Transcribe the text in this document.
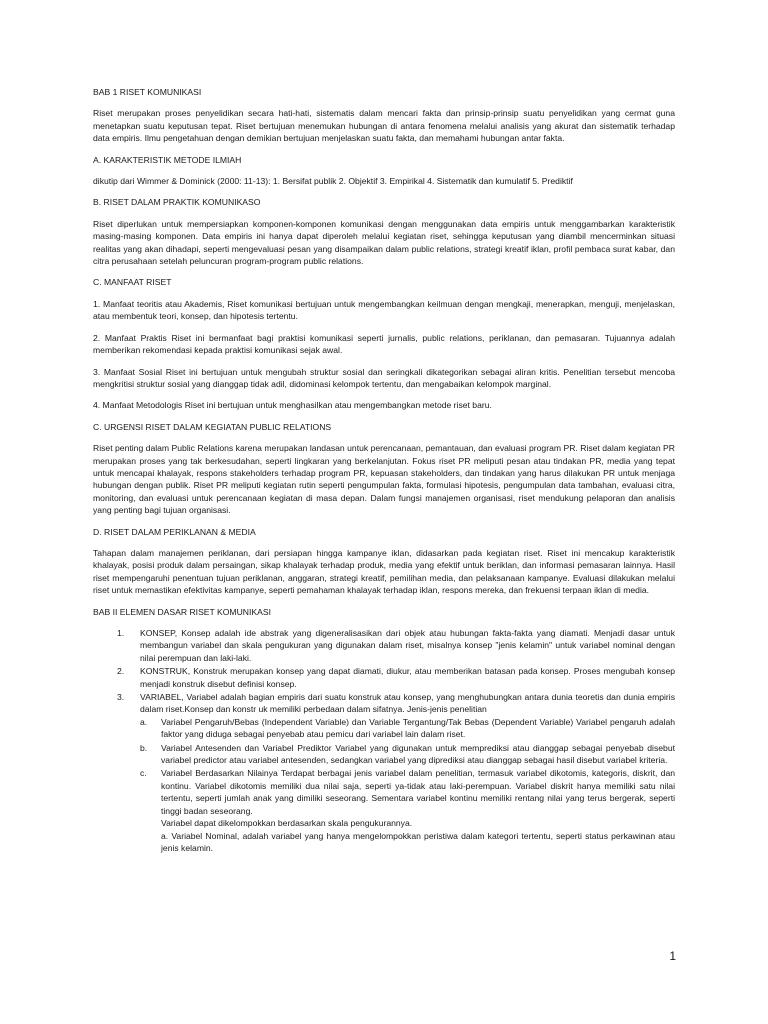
BAB 1 RISET KOMUNIKASI

Riset merupakan proses penyelidikan secara hati-hati, sistematis dalam mencari fakta dan prinsip-prinsip suatu penyelidikan yang cermat guna menetapkan suatu keputusan tepat. Riset bertujuan menemukan hubungan di antara fenomena melalui analisis yang akurat dan sistematik terhadap data empiris. Ilmu pengetahuan dengan demikian bertujuan menjelaskan suatu fakta, dan memahami hubungan antar fakta.

A. KARAKTERISTIK METODE ILMIAH

dikutip dari Wimmer & Dominick (2000: 11-13): 1. Bersifat publik 2. Objektif 3. Empirikal 4. Sistematik dan kumulatif 5. Prediktif

B. RISET DALAM PRAKTIK KOMUNIKASO

Riset diperlukan untuk mempersiapkan komponen-komponen komunikasi dengan menggunakan data empiris untuk menggambarkan karakteristik masing-masing komponen. Data empiris ini hanya dapat diperoleh melalui kegiatan riset, sehingga keputusan yang diambil mencerminkan situasi realitas yang akan dihadapi, seperti mengevaluasi pesan yang disampaikan dalam public relations, strategi kreatif iklan, profil pembaca surat kabar, dan citra perusahaan setelah peluncuran program-program public relations.

C. MANFAAT RISET

1. Manfaat teoritis atau Akademis, Riset komunikasi bertujuan untuk mengembangkan keilmuan dengan mengkaji, menerapkan, menguji, menjelaskan, atau membentuk teori, konsep, dan hipotesis tertentu.

2. Manfaat Praktis Riset ini bermanfaat bagi praktisi komunikasi seperti jurnalis, public relations, periklanan, dan pemasaran. Tujuannya adalah memberikan rekomendasi kepada praktisi komunikasi sejak awal.

3. Manfaat Sosial Riset ini bertujuan untuk mengubah struktur sosial dan seringkali dikategorikan sebagai aliran kritis. Penelitian tersebut mencoba mengkritisi struktur sosial yang dianggap tidak adil, didominasi kelompok tertentu, dan mengabaikan kelompok marginal.

4. Manfaat Metodologis Riset ini bertujuan untuk menghasilkan atau mengembangkan metode riset baru.

C. URGENSI RISET DALAM KEGIATAN PUBLIC RELATIONS

Riset penting dalam Public Relations karena merupakan landasan untuk perencanaan, pemantauan, dan evaluasi program PR. Riset dalam kegiatan PR merupakan proses yang tak berkesudahan, seperti lingkaran yang berkelanjutan. Fokus riset PR meliputi pesan atau tindakan PR, media yang tepat untuk mencapai khalayak, respons stakeholders terhadap program PR, kepuasan stakeholders, dan tindakan yang harus dilakukan PR untuk menjaga hubungan dengan publik. Riset PR meliputi kegiatan rutin seperti pengumpulan fakta, formulasi hipotesis, pengumpulan data tambahan, evaluasi citra, monitoring, dan evaluasi untuk perencanaan kegiatan di masa depan. Dalam fungsi manajemen organisasi, riset mendukung pelaporan dan analisis yang penting bagi tujuan organisasi.

D. RISET DALAM PERIKLANAN & MEDIA

Tahapan dalam manajemen periklanan, dari persiapan hingga kampanye iklan, didasarkan pada kegiatan riset. Riset ini mencakup karakteristik khalayak, posisi produk dalam persaingan, sikap khalayak terhadap produk, media yang efektif untuk beriklan, dan informasi pemasaran lainnya. Hasil riset mempengaruhi penentuan tujuan periklanan, anggaran, strategi kreatif, pemilihan media, dan pelaksanaan kampanye. Evaluasi dilakukan melalui riset untuk memastikan efektivitas kampanye, seperti pemahaman khalayak terhadap iklan, respons mereka, dan frekuensi terpaan iklan di media.

BAB II ELEMEN DASAR RISET KOMUNIKASI

1. KONSEP, Konsep adalah ide abstrak yang digeneralisasikan dari objek atau hubungan fakta-fakta yang diamati. Menjadi dasar untuk membangun variabel dan skala pengukuran yang digunakan dalam riset, misalnya konsep "jenis kelamin" untuk variabel nominal dengan nilai perempuan dan laki-laki.
2. KONSTRUK, Konstruk merupakan konsep yang dapat diamati, diukur, atau memberikan batasan pada konsep. Proses mengubah konsep menjadi konstruk disebut definisi konsep.
3. VARIABEL, Variabel adalah bagian empiris dari suatu konstruk atau konsep, yang menghubungkan antara dunia teoretis dan dunia empiris dalam riset.Konsep dan konstr uk memiliki perbedaan dalam sifatnya. Jenis-jenis penelitian
a. Variabel Pengaruh/Bebas (Independent Variable) dan Variable Tergantung/Tak Bebas (Dependent Variable) Variabel pengaruh adalah faktor yang diduga sebagai penyebab atau pemicu dari variabel lain dalam riset.
b. Variabel Antesenden dan Variabel Prediktor Variabel yang digunakan untuk memprediksi atau dianggap sebagai penyebab disebut variabel predictor atau variabel antesenden, sedangkan variabel yang diprediksi atau dianggap sebagai hasil disebut variabel kriteria.
c. Variabel Berdasarkan Nilainya Terdapat berbagai jenis variabel dalam penelitian, termasuk variabel dikotomis, kategoris, diskrit, dan kontinu. Variabel dikotomis memiliki dua nilai saja, seperti ya-tidak atau laki-perempuan. Variabel diskrit hanya memiliki satu nilai tertentu, seperti jumlah anak yang dimiliki seseorang. Sementara variabel kontinu memiliki rentang nilai yang terus bergerak, seperti tinggi badan seseorang.

Variabel dapat dikelompokkan berdasarkan skala pengukurannya.

a. Variabel Nominal, adalah variabel yang hanya mengelompokkan peristiwa dalam kategori tertentu, seperti status perkawinan atau jenis kelamin.

1
